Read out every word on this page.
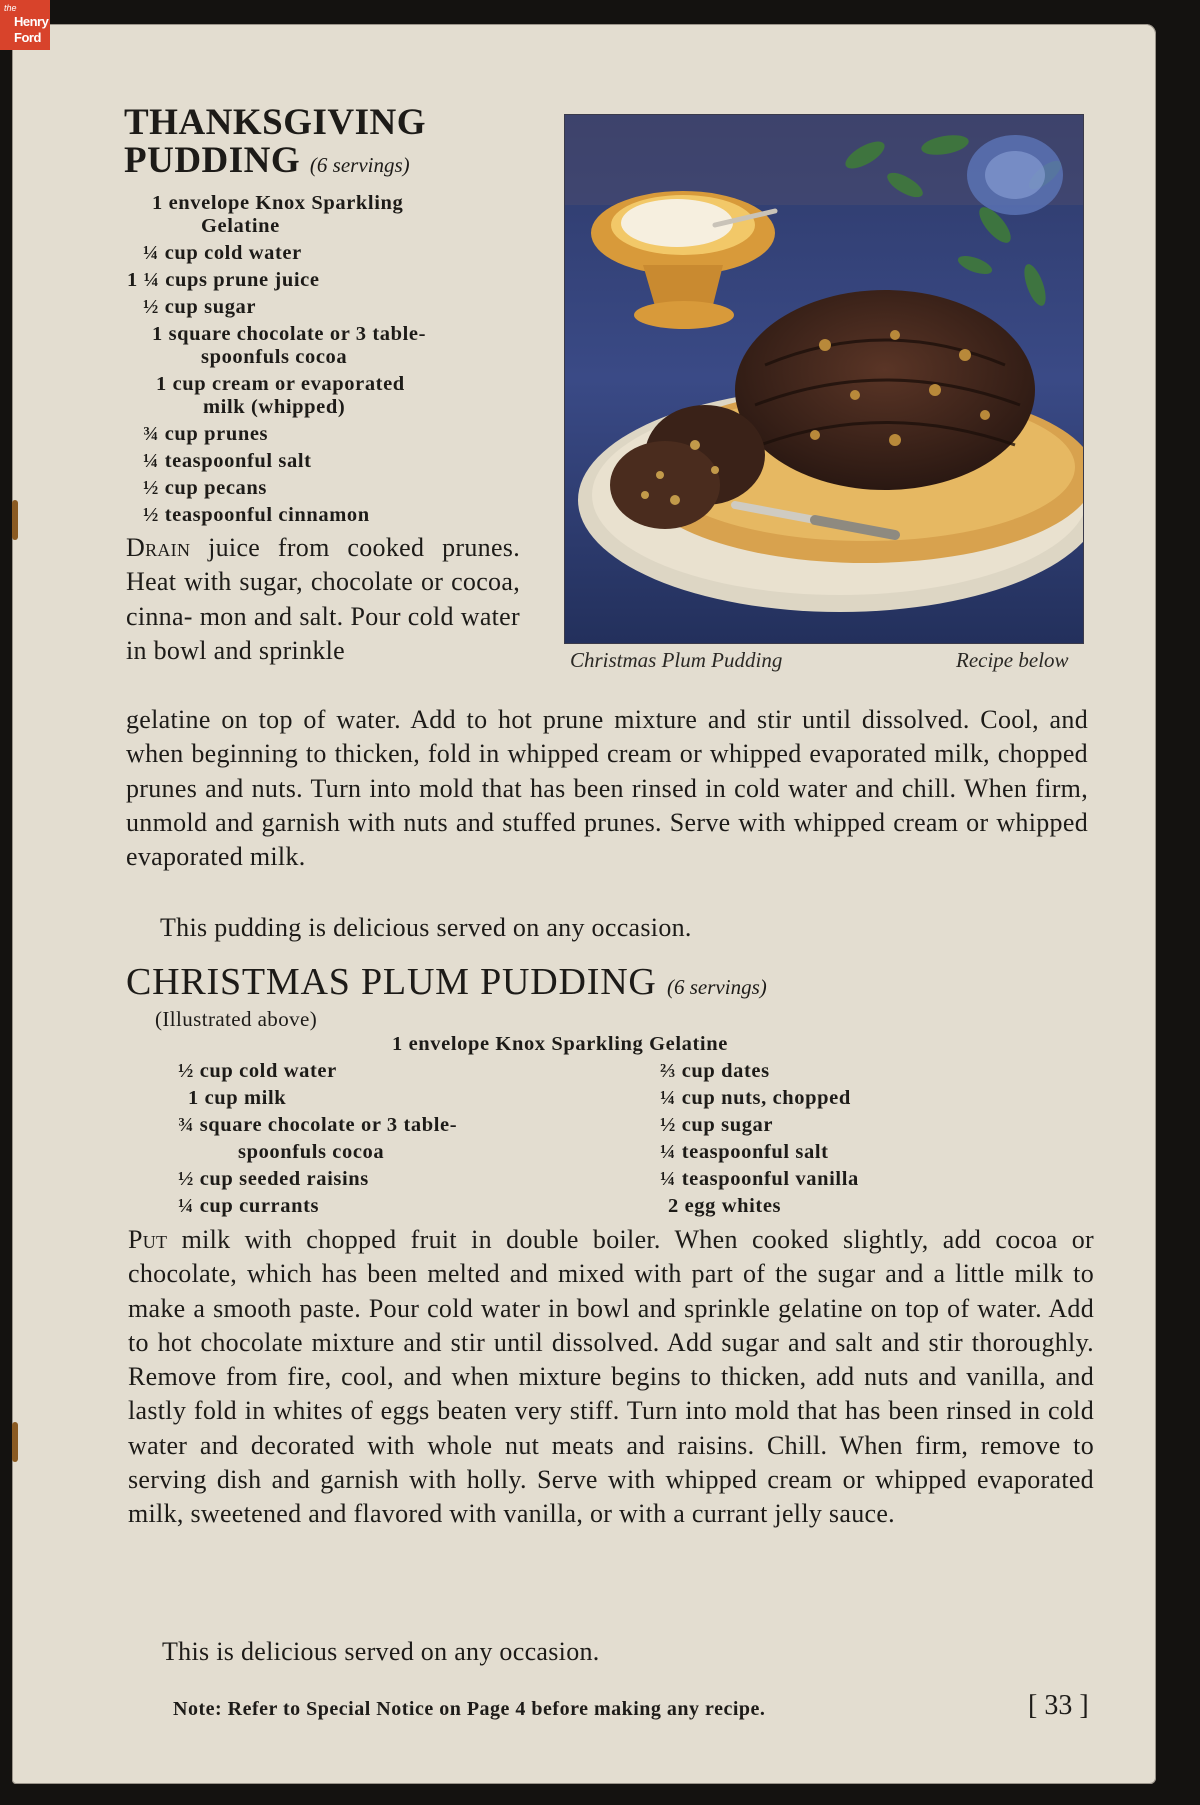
the
Henry
Ford
THANKSGIVING
PUDDING (6 servings)
1 envelope Knox Sparkling
Gelatine
¼ cup cold water
1 ¼ cups prune juice
½ cup sugar
1 square chocolate or 3 table-
spoonfuls cocoa
1 cup cream or evaporated
milk (whipped)
¾ cup prunes
¼ teaspoonful salt
½ cup pecans
½ teaspoonful cinnamon

Drain juice from cooked prunes. Heat with sugar, chocolate or cocoa, cinna- mon and salt. Pour cold water in bowl and sprinkle

gelatine on top of water. Add to hot prune mixture and stir until dissolved. Cool, and when beginning to thicken, fold in whipped cream or whipped evaporated milk, chopped prunes and nuts. Turn into mold that has been rinsed in cold water and chill. When firm, unmold and garnish with nuts and stuffed prunes. Serve with whipped cream or whipped evaporated milk.

This pudding is delicious served on any occasion.

Christmas Plum Pudding	Recipe below
CHRISTMAS PLUM PUDDING (6 servings)
(Illustrated above)
1 envelope Knox Sparkling Gelatine
½ cup cold water
1 cup milk
¾ square chocolate or 3 table-
spoonfuls cocoa
½ cup seeded raisins
¼ cup currants
⅔ cup dates
¼ cup nuts, chopped
½ cup sugar
¼ teaspoonful salt
¼ teaspoonful vanilla
2 egg whites

Put milk with chopped fruit in double boiler. When cooked slightly, add cocoa or chocolate, which has been melted and mixed with part of the sugar and a little milk to make a smooth paste. Pour cold water in bowl and sprinkle gelatine on top of water. Add to hot chocolate mixture and stir until dissolved. Add sugar and salt and stir thoroughly. Remove from fire, cool, and when mixture begins to thicken, add nuts and vanilla, and lastly fold in whites of eggs beaten very stiff. Turn into mold that has been rinsed in cold water and decorated with whole nut meats and raisins. Chill. When firm, remove to serving dish and garnish with holly. Serve with whipped cream or whipped evaporated milk, sweetened and flavored with vanilla, or with a currant jelly sauce.

This is delicious served on any occasion.

Note: Refer to Special Notice on Page 4 before making any recipe.	[ 33 ]
